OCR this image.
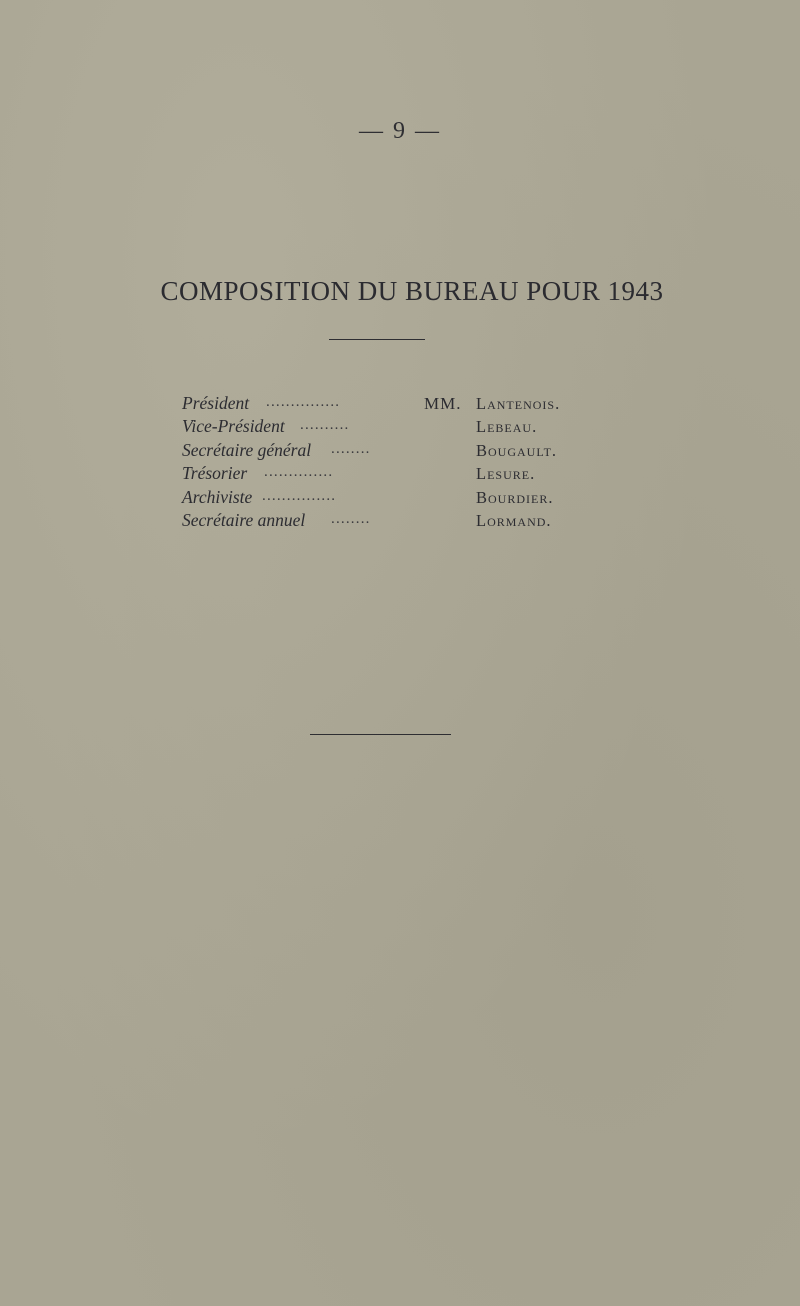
— 9 —
COMPOSITION DU BUREAU POUR 1943
Président ...............	MM. Lantenois.
Vice-Président ..........	Lebeau.
Secrétaire général ........	Bougault.
Trésorier ..............	Lesure.
Archiviste ...............	Bourdier.
Secrétaire annuel ........	Lormand.
